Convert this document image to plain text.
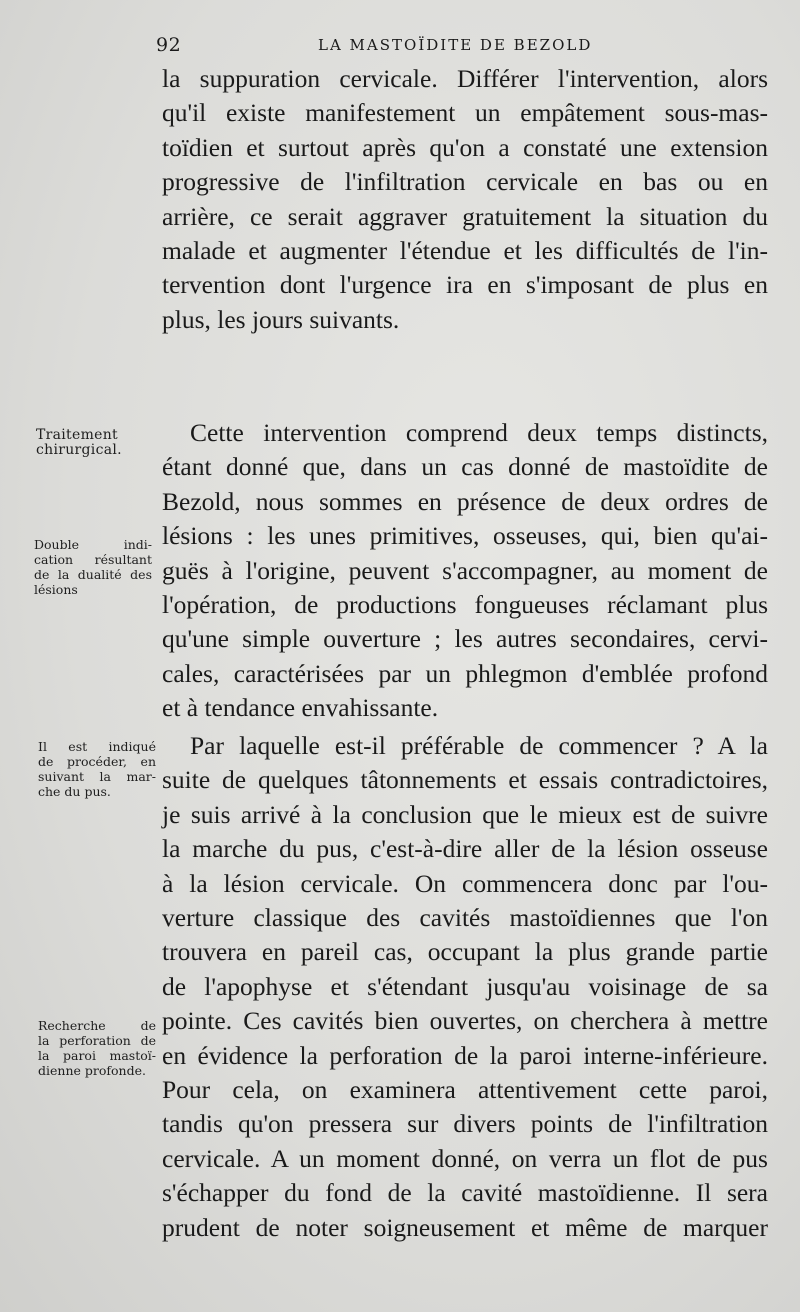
92	LA MASTOÏDITE DE BEZOLD
la suppuration cervicale. Différer l'intervention, alors
qu'il existe manifestement un empâtement sous-mas-
toïdien et surtout après qu'on a constaté une extension
progressive de l'infiltration cervicale en bas ou en
arrière, ce serait aggraver gratuitement la situation du
malade et augmenter l'étendue et les difficultés de l'in-
tervention dont l'urgence ira en s'imposant de plus en
plus, les jours suivants.
Traitement
chirurgical.
Cette intervention comprend deux temps distincts,
étant donné que, dans un cas donné de mastoïdite de
Bezold, nous sommes en présence de deux ordres de
lésions : les unes primitives, osseuses, qui, bien qu'ai-
guës à l'origine, peuvent s'accompagner, au moment de
l'opération, de productions fongueuses réclamant plus
qu'une simple ouverture ; les autres secondaires, cervi-
cales, caractérisées par un phlegmon d'emblée profond
et à tendance envahissante.
Double indi-
cation résultant
de la dualité des
lésions
Par laquelle est-il préférable de commencer ? A la
suite de quelques tâtonnements et essais contradictoires,
je suis arrivé à la conclusion que le mieux est de suivre
la marche du pus, c'est-à-dire aller de la lésion osseuse
à la lésion cervicale. On commencera donc par l'ou-
verture classique des cavités mastoïdiennes que l'on
trouvera en pareil cas, occupant la plus grande partie
de l'apophyse et s'étendant jusqu'au voisinage de sa
pointe. Ces cavités bien ouvertes, on cherchera à mettre
en évidence la perforation de la paroi interne-inférieure.
Pour cela, on examinera attentivement cette paroi,
tandis qu'on pressera sur divers points de l'infiltration
cervicale. A un moment donné, on verra un flot de pus
s'échapper du fond de la cavité mastoïdienne. Il sera
prudent de noter soigneusement et même de marquer
Il est indiqué
de procéder, en
suivant la mar-
che du pus.
Recherche de
la perforation de
la paroi mastoï-
dienne profonde.
